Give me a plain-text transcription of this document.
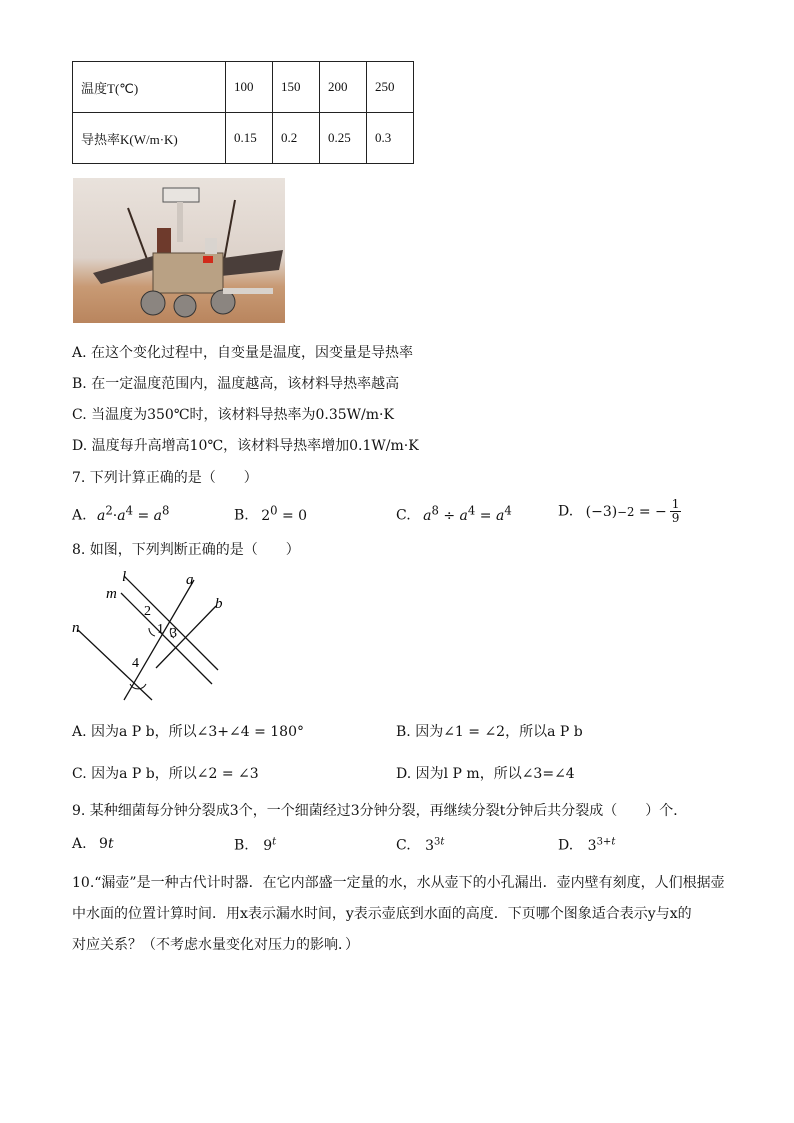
温度T(℃)	100	150	200	250
导热率K(W/m·K)	0.15	0.2	0.25	0.3
A. 在这个变化过程中，自变量是温度，因变量是导热率
B. 在一定温度范围内，温度越高，该材料导热率越高
C. 当温度为350℃时，该材料导热率为0.35W/m·K
D. 温度每升高增高10℃，该材料导热率增加0.1W/m·K
7. 下列计算正确的是（　　）
A. $a^2\cdot a^4 = a^8$	B. $2^0 = 0$	C. $a^8 \div a^4 = a^4$	D. (−3) −2 = − 1
9
8. 如图，下列判断正确的是（　　）
l	a
m
b
n
2
1 3
4
A. 因为a P b，所以∠3+∠4 = 180°	B. 因为∠1 = ∠2，所以a P b
C. 因为a P b，所以∠2 = ∠3	D. 因为l P m，所以∠3=∠4
9. 某种细菌每分钟分裂成3个，一个细菌经过3分钟分裂，再继续分裂t分钟后共分裂成（　　）个．
A. 9t	B. 9$^t$	C. $3^{3t}$	D. $3^{3+t}$
10.“漏壶”是一种古代计时器．在它内部盛一定量的水，水从壶下的小孔漏出．壶内壁有刻度，人们根据壶
中水面的位置计算时间．用x表示漏水时间，y表示壶底到水面的高度．下页哪个图象适合表示y与x的
对应关系？（不考虑水量变化对压力的影响．）
